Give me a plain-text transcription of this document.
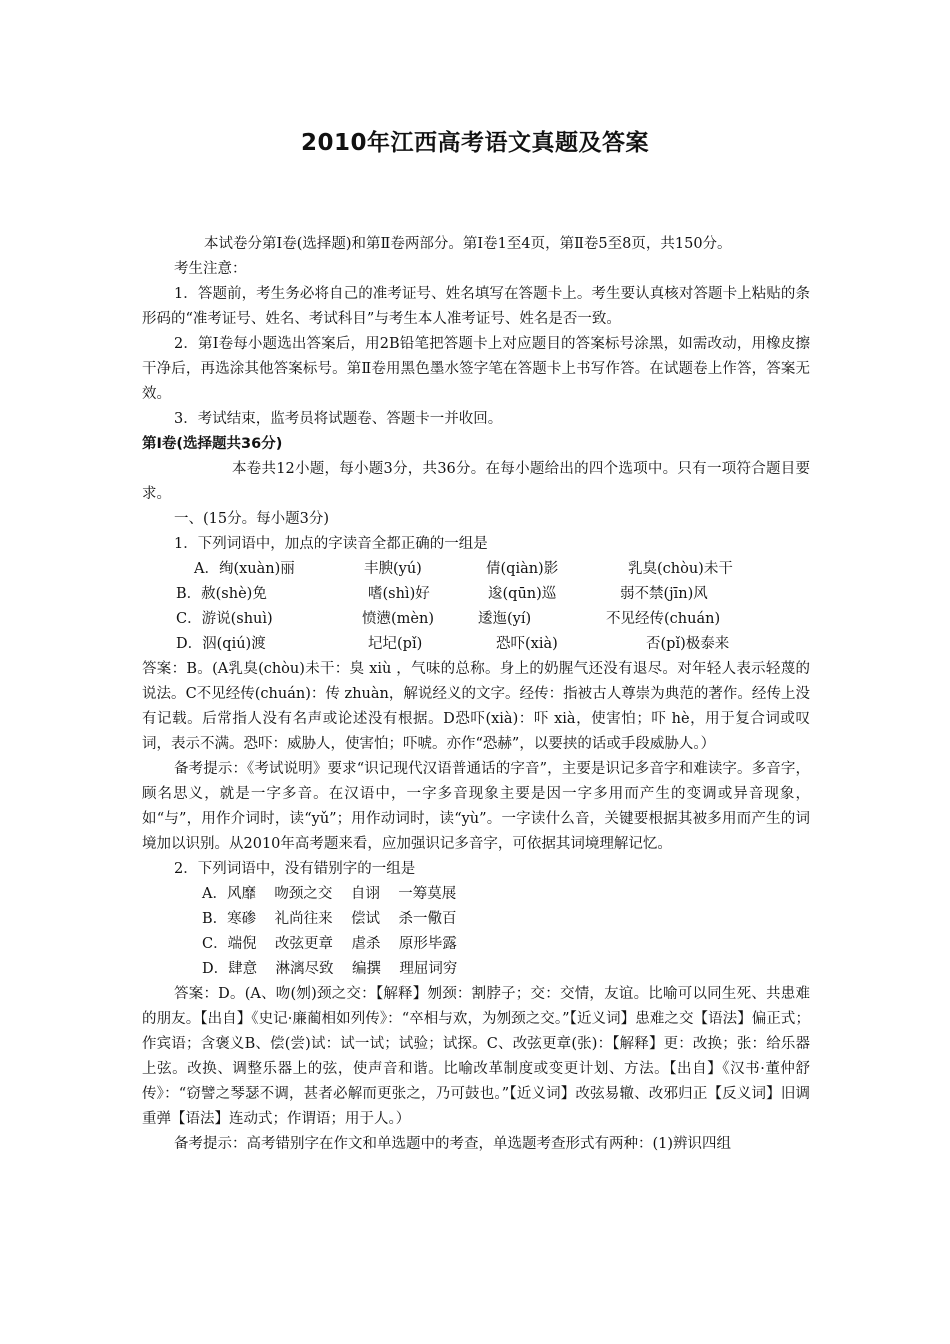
2010年江西高考语文真题及答案

本试卷分第Ⅰ卷(选择题)和第Ⅱ卷两部分。第Ⅰ卷1至4页，第Ⅱ卷5至8页，共150分。

考生注意：

1．答题前，考生务必将自己的准考证号、姓名填写在答题卡上。考生要认真核对答题卡上粘贴的条形码的“准考证号、姓名、考试科目”与考生本人准考证号、姓名是否一致。

2．第Ⅰ卷每小题选出答案后，用2B铅笔把答题卡上对应题目的答案标号涂黑，如需改动，用橡皮擦干净后，再选涂其他答案标号。第Ⅱ卷用黑色墨水签字笔在答题卡上书写作答。在试题卷上作答，答案无效。

3．考试结束，监考员将试题卷、答题卡一并收回。

第Ⅰ卷(选择题共36分)

本卷共12小题，每小题3分，共36分。在每小题给出的四个选项中。只有一项符合题目要求。

一、(15分。每小题3分)

1．下列词语中，加点的字读音全都正确的一组是

A．绚(xuàn)丽	丰腴(yú)	倩(qiàn)影	乳臭(chòu)未干
B．赦(shè)免	嗜(shì)好	逡(qūn)巡	弱不禁(jīn)风
C．游说(shuì)	愤懑(mèn)	逶迤(yí)	不见经传(chuán)
D．泅(qiú)渡	圮圮(pǐ)	恐吓(xià)	否(pǐ)极泰来

答案：B。(A乳臭(chòu)未干：臭 xiù ，气味的总称。身上的奶腥气还没有退尽。对年轻人表示轻蔑的说法。C不见经传(chuán)：传 zhuàn，解说经义的文字。经传：指被古人尊崇为典范的著作。经传上没有记载。后常指人没有名声或论述没有根据。D恐吓(xià)：吓 xià，使害怕；吓 hè，用于复合词或叹词，表示不满。恐吓：威胁人，使害怕；吓唬。亦作“恐赫”，以要挟的话或手段威胁人。）

备考提示：《考试说明》要求“识记现代汉语普通话的字音”，主要是识记多音字和难读字。多音字，顾名思义，就是一字多音。在汉语中，一字多音现象主要是因一字多用而产生的变调或异音现象，如“与”，用作介词时，读“yǔ”；用作动词时，读“yù”。一字读什么音，关键要根据其被多用而产生的词境加以识别。从2010年高考题来看，应加强识记多音字，可依据其词境理解记忆。

2．下列词语中，没有错别字的一组是

A．风靡    吻颈之交    自诩    一筹莫展

B．寒碜    礼尚往来    偿试    杀一儆百

C．端倪    改弦更章    虐杀    原形毕露

D．肆意    淋漓尽致    编撰    理屈词穷

答案：D。(A、吻(刎)颈之交：【解释】刎颈：割脖子；交：交情，友谊。比喻可以同生死、共患难的朋友。【出自】《史记·廉蔺相如列传》：“卒相与欢，为刎颈之交。”【近义词】患难之交【语法】偏正式；作宾语；含褒义B、偿(尝)试：试一试；试验；试探。C、改弦更章(张)：【解释】更：改换；张：给乐器上弦。改换、调整乐器上的弦，使声音和谐。比喻改革制度或变更计划、方法。【出自】《汉书·董仲舒传》：“窃譬之琴瑟不调，甚者必解而更张之，乃可鼓也。”【近义词】改弦易辙、改邪归正【反义词】旧调重弹【语法】连动式；作谓语；用于人。）

备考提示：高考错别字在作文和单选题中的考查，单选题考查形式有两种：(1)辨识四组
